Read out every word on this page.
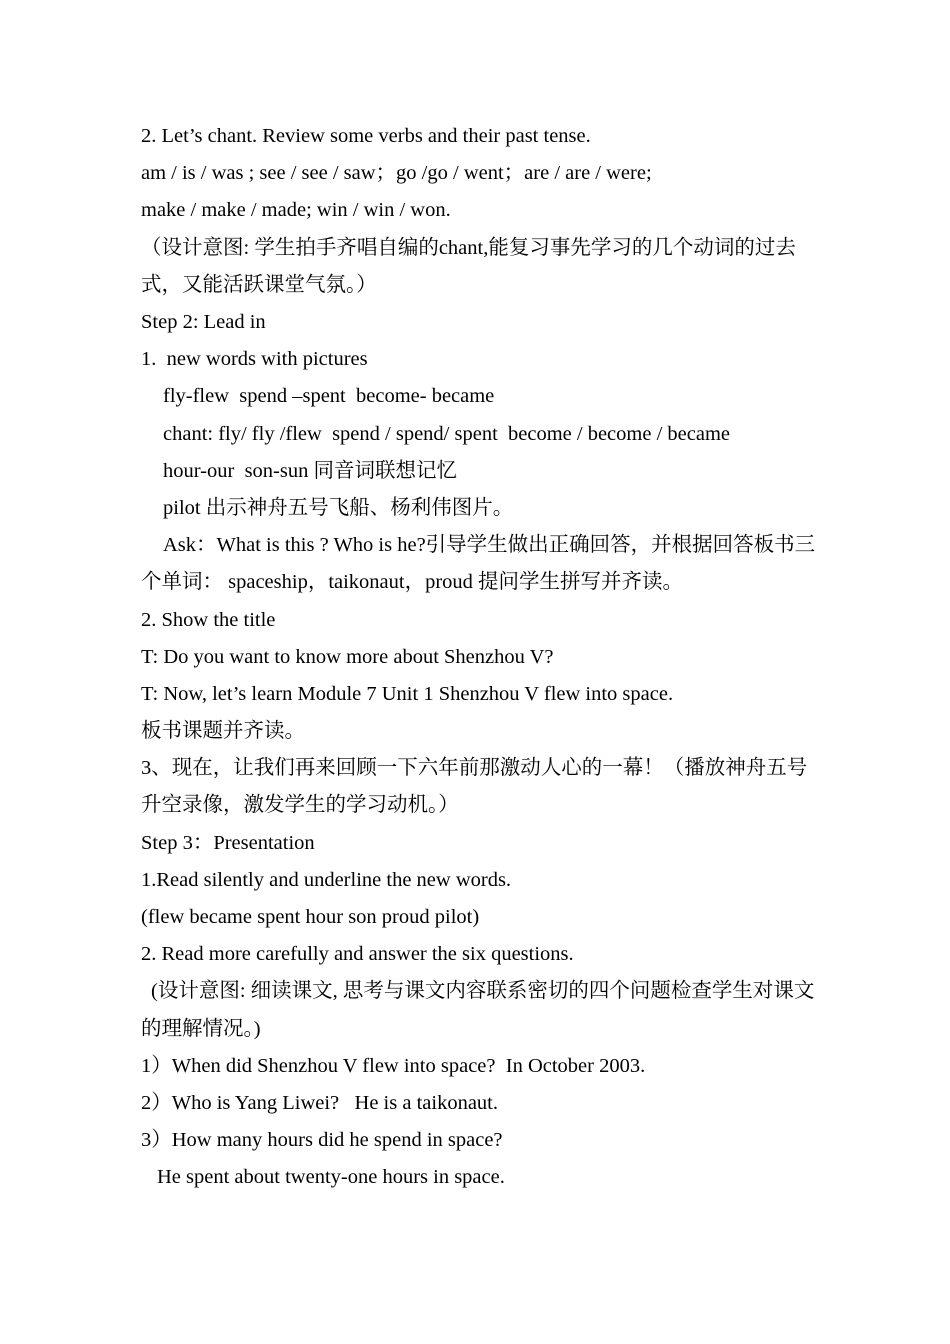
2. Let’s chant. Review some verbs and their past tense.
am / is / was ; see / see / saw；go /go / went；are / are / were;
make / make / made; win / win / won.
（设计意图: 学生拍手齐唱自编的chant,能复习事先学习的几个动词的过去式，又能活跃课堂气氛。）
Step 2: Lead in
1.  new words with pictures
fly-flew  spend –spent  become- became
chant: fly/ fly /flew  spend / spend/ spent  become / become / became
hour-our  son-sun 同音词联想记忆
pilot 出示神舟五号飞船、杨利伟图片。
Ask：What is this ? Who is he?引导学生做出正确回答，并根据回答板书三个单词： spaceship，taikonaut，proud 提问学生拼写并齐读。
2. Show the title
T: Do you want to know more about Shenzhou V?
T: Now, let’s learn Module 7 Unit 1 Shenzhou V flew into space.
板书课题并齐读。
3、现在，让我们再来回顾一下六年前那激动人心的一幕！（播放神舟五号升空录像，激发学生的学习动机。）
Step 3：Presentation
1.Read silently and underline the new words.
(flew became spent hour son proud pilot)
2. Read more carefully and answer the six questions.
(设计意图: 细读课文, 思考与课文内容联系密切的四个问题检查学生对课文的理解情况。)
1）When did Shenzhou V flew into space?  In October 2003.
2）Who is Yang Liwei?   He is a taikonaut.
3）How many hours did he spend in space?
He spent about twenty-one hours in space.
